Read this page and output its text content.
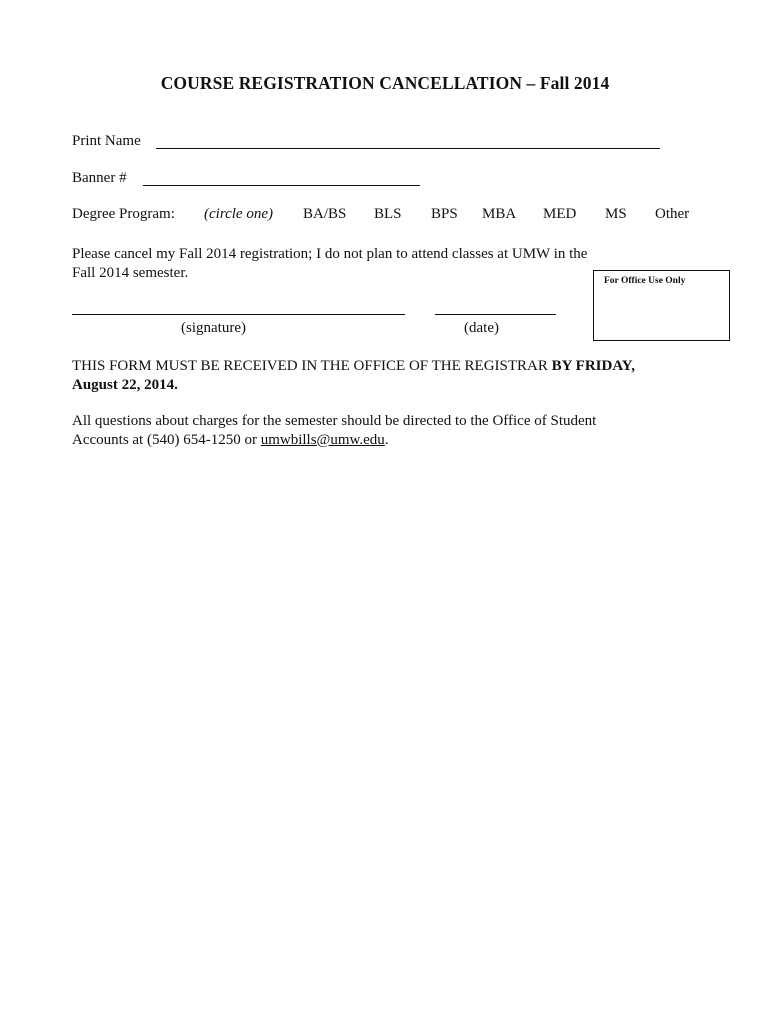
COURSE REGISTRATION CANCELLATION – Fall 2014
Print Name
Banner #
Degree Program: (circle one) BA/BS BLS BPS MBA MED MS Other
Please cancel my Fall 2014 registration; I do not plan to attend classes at UMW in the
Fall 2014 semester.
For Office Use Only
(signature)	(date)
THIS FORM MUST BE RECEIVED IN THE OFFICE OF THE REGISTRAR BY FRIDAY,
August 22, 2014.
All questions about charges for the semester should be directed to the Office of Student
Accounts at (540) 654-1250 or umwbills@umw.edu.
